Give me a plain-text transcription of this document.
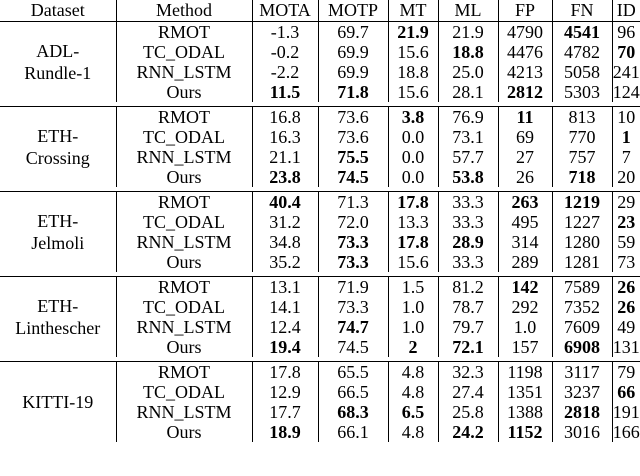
Dataset	Method	MOTA	MOTP	MT	ML	FP	FN	ID

ADL-
Rundle-1	RMOT	-1.3	69.7	21.9	21.9	4790	4541	96
	TC_ODAL	-0.2	69.9	15.6	18.8	4476	4782	70
	RNN_LSTM	-2.2	69.9	18.8	25.0	4213	5058	241
	Ours	11.5	71.8	15.6	28.1	2812	5303	124

ETH-
Crossing	RMOT	16.8	73.6	3.8	76.9	11	813	10
	TC_ODAL	16.3	73.6	0.0	73.1	69	770	1
	RNN_LSTM	21.1	75.5	0.0	57.7	27	757	7
	Ours	23.8	74.5	0.0	53.8	26	718	20

ETH-
Jelmoli	RMOT	40.4	71.3	17.8	33.3	263	1219	29
	TC_ODAL	31.2	72.0	13.3	33.3	495	1227	23
	RNN_LSTM	34.8	73.3	17.8	28.9	314	1280	59
	Ours	35.2	73.3	15.6	33.3	289	1281	73

ETH-
Linthescher	RMOT	13.1	71.9	1.5	81.2	142	7589	26
	TC_ODAL	14.1	73.3	1.0	78.7	292	7352	26
	RNN_LSTM	12.4	74.7	1.0	79.7	1.0	7609	49
	Ours	19.4	74.5	2	72.1	157	6908	131

KITTI-19	RMOT	17.8	65.5	4.8	32.3	1198	3117	79
	TC_ODAL	12.9	66.5	4.8	27.4	1351	3237	66
	RNN_LSTM	17.7	68.3	6.5	25.8	1388	2818	191
	Ours	18.9	66.1	4.8	24.2	1152	3016	166
